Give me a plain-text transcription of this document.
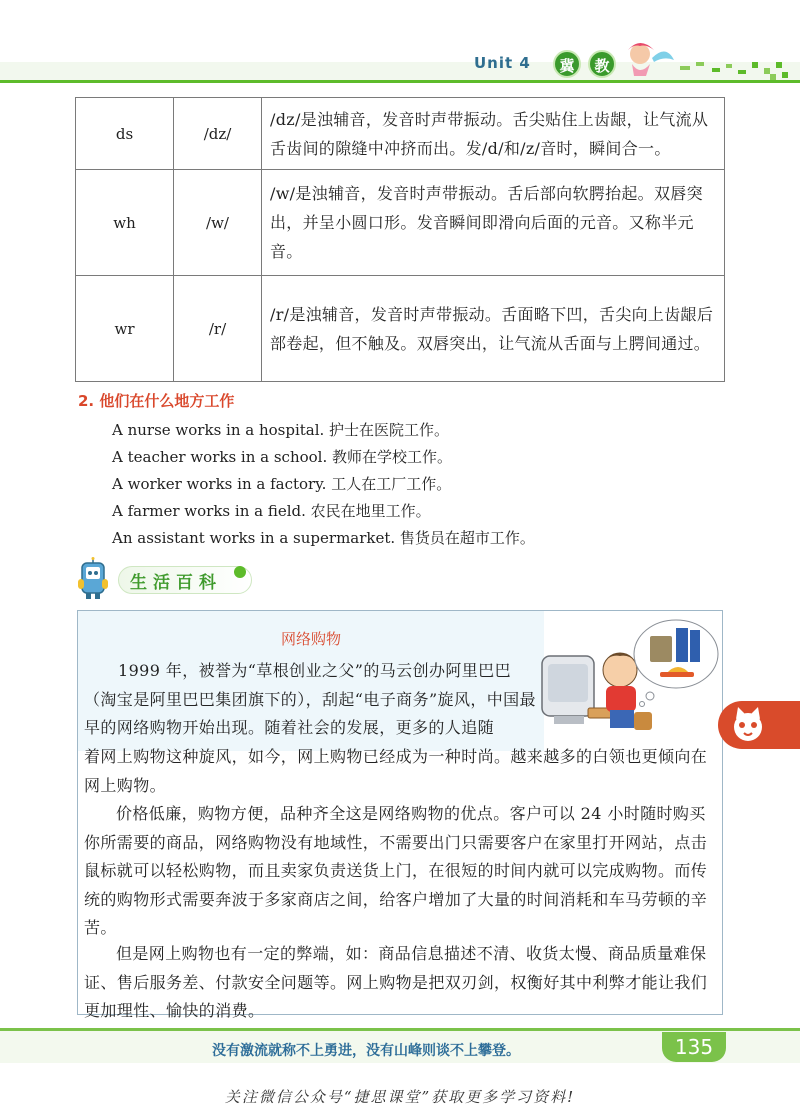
Unit 4	冀	教
ds	/dz/	/dz/是浊辅音，发音时声带振动。舌尖贴住上齿龈，让气流从舌齿间的隙缝中冲挤而出。发/d/和/z/音时，瞬间合一。
wh	/w/	/w/是浊辅音，发音时声带振动。舌后部向软腭抬起。双唇突出，并呈小圆口形。发音瞬间即滑向后面的元音。又称半元音。
wr	/r/	/r/是浊辅音，发音时声带振动。舌面略下凹，舌尖向上齿龈后部卷起，但不触及。双唇突出，让气流从舌面与上腭间通过。
2. 他们在什么地方工作
A nurse works in a hospital. 护士在医院工作。
A teacher works in a school. 教师在学校工作。
A worker works in a factory. 工人在工厂工作。
A farmer works in a field. 农民在地里工作。
An assistant works in a supermarket. 售货员在超市工作。
生活百科
网络购物
1999 年，被誉为“草根创业之父”的马云创办阿里巴巴（淘宝是阿里巴巴集团旗下的），刮起“电子商务”旋风，中国最早的网络购物开始出现。随着社会的发展，更多的人追随
着网上购物这种旋风，如今，网上购物已经成为一种时尚。越来越多的白领也更倾向在网上购物。
价格低廉，购物方便，品种齐全这是网络购物的优点。客户可以 24 小时随时购买你所需要的商品，网络购物没有地域性，不需要出门只需要客户在家里打开网站，点击鼠标就可以轻松购物，而且卖家负责送货上门，在很短的时间内就可以完成购物。而传统的购物形式需要奔波于多家商店之间，给客户增加了大量的时间消耗和车马劳顿的辛苦。
但是网上购物也有一定的弊端，如：商品信息描述不清、收货太慢、商品质量难保证、售后服务差、付款安全问题等。网上购物是把双刃剑，权衡好其中利弊才能让我们更加理性、愉快的消费。
没有激流就称不上勇进，没有山峰则谈不上攀登。	135
关注微信公众号“捷思课堂”获取更多学习资料!
